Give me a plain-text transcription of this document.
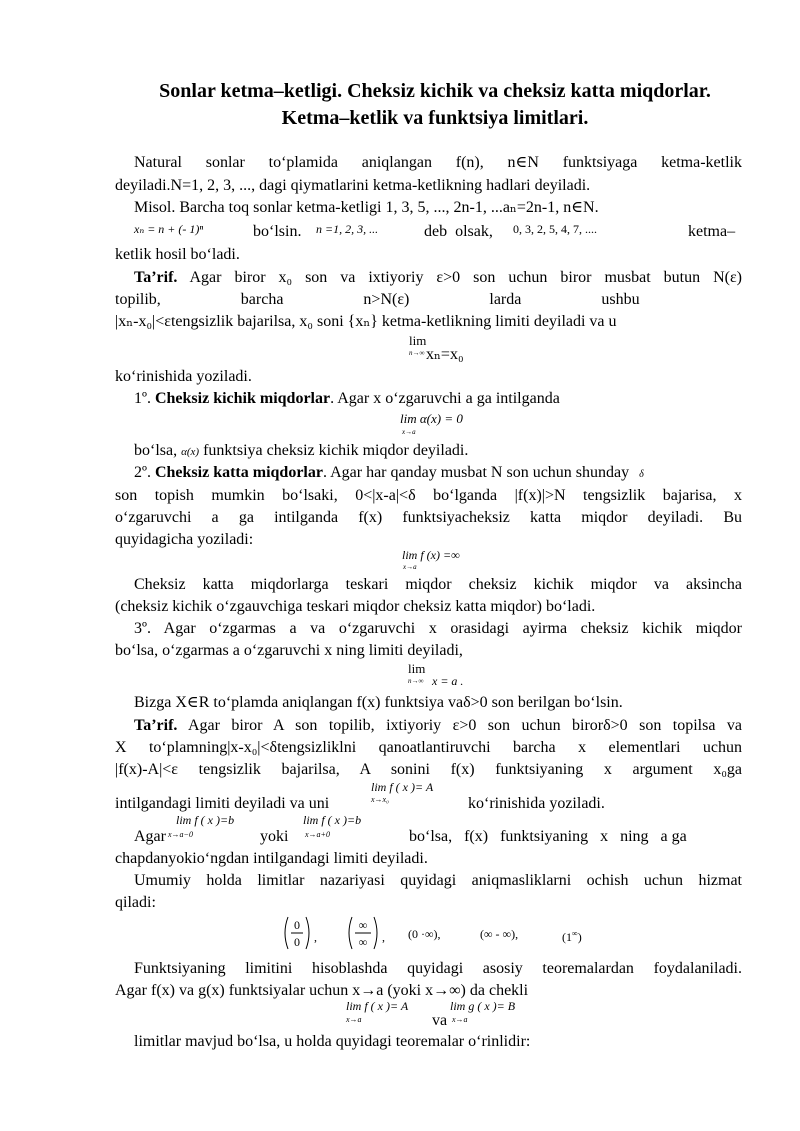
Sonlar ketma–ketligi. Cheksiz kichik va cheksiz katta miqdorlar.
Ketma–ketlik va funktsiya limitlari.
Natural sonlar to‘plamida aniqlangan f(n), n∈N funktsiyaga ketma-ketlik
deyiladi.N=1, 2, 3, ..., dagi qiymatlarini ketma-ketlikning hadlari deyiladi.
Misol. Barcha toq sonlar ketma-ketligi 1, 3, 5, ..., 2n-1, ...aₙ=2n-1, n∈N.
xₙ = n + (- 1)ⁿ	bo‘lsin. n =1, 2, 3, ...	deb olsak, 0, 3, 2, 5, 4, 7, ....	ketma–
ketlik hosil bo‘ladi.
Ta’rif. Agar biror x₀ son va ixtiyoriy ε>0 son uchun biror musbat butun N(ε)
topilib,                    barcha                    n>N(ε)                    larda                    ushbu
|xₙ-x₀|<εtengsizlik bajarilsa, x₀ soni {xₙ} ketma-ketlikning limiti deyiladi va u
lim
n→∞ xₙ=x₀
ko‘rinishida yoziladi.
1º. Cheksiz kichik miqdorlar. Agar x o‘zgaruvchi a ga intilganda
lim α(x) = 0
x→a
bo‘lsa, α(x) funktsiya cheksiz kichik miqdor deyiladi.
2º. Cheksiz katta miqdorlar. Agar har qanday musbat N son uchun shunday δ
son topish mumkin bo‘lsaki, 0<|x-a|<δ bo‘lganda |f(x)|>N tengsizlik bajarisa, x
o‘zgaruvchi a ga intilganda f(x) funktsiyacheksiz katta miqdor deyiladi. Bu
quyidagicha yoziladi:
lim f (x) =∞
x→a
Cheksiz katta miqdorlarga teskari miqdor cheksiz kichik miqdor va aksincha
(cheksiz kichik o‘zgauvchiga teskari miqdor cheksiz katta miqdor) bo‘ladi.
3º. Agar o‘zgarmas a va o‘zgaruvchi x orasidagi ayirma cheksiz kichik miqdor
bo‘lsa, o‘zgarmas a o‘zgaruvchi x ning limiti deyiladi,
lim
n→∞ x = a .
Bizga X∈R to‘plamda aniqlangan f(x) funktsiya vaδ>0 son berilgan bo‘lsin.
Ta’rif. Agar biror A son topilib, ixtiyoriy ε>0 son uchun birorδ>0 son topilsa va
X to‘plamning|x-x₀|<δtengsizliklni qanoatlantiruvchi barcha x elementlari uchun
|f(x)-A|<ε tengsizlik bajarilsa, A sonini f(x) funktsiyaning x argument x₀ga
intilgandagi limiti deyiladi va uni
lim f ( x )= A
x→x₀	ko‘rinishida yoziladi.
lim f ( x )=b
x→a−0
lim f ( x )=b
x→a+0
Agar	yoki	bo‘lsa,   f(x)   funktsiyaning   x   ning   a ga
chapdanyokio‘ngdan intilgandagi limiti deyiladi.
Umumiy holda limitlar nazariyasi quyidagi aniqmasliklarni ochish uchun hizmat
qiladi:
0
0 ,
∞
∞ , (0 ·∞),	(∞ - ∞),	(1∞)
Funktsiyaning limitini hisoblashda quyidagi asosiy teoremalardan foydalaniladi.
Agar f(x) va g(x) funktsiyalar uchun x→a (yoki x→∞) da chekli
lim f ( x )= A
x→a	va
lim g ( x )= B
x→a
limitlar mavjud bo‘lsa, u holda quyidagi teoremalar o‘rinlidir:
